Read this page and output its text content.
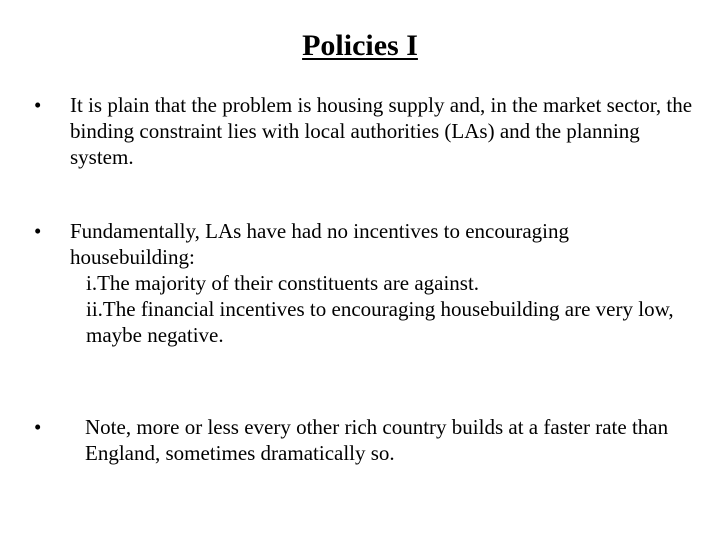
Policies I
• It is plain that the problem is housing supply and, in the market sector, the binding constraint lies with local authorities (LAs) and the planning system.
• Fundamentally, LAs have had no incentives to encouraging housebuilding:
i.The majority of their constituents are against.
ii.The financial incentives to encouraging housebuilding are very low, maybe negative.
• Note, more or less every other rich country builds at a faster rate than England, sometimes dramatically so.
